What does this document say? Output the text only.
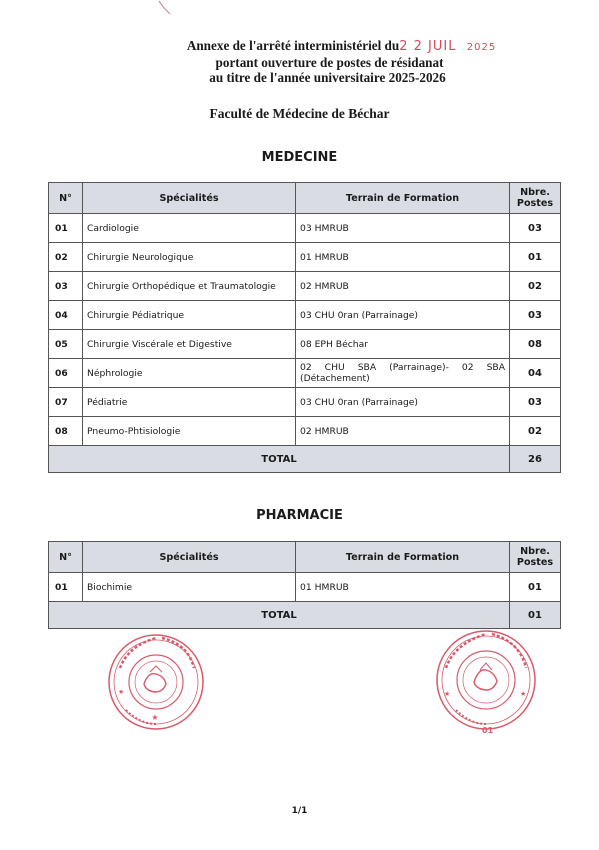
Annexe de l'arrêté interministériel du2 2 JUIL 2025
portant ouverture de postes de résidanat
au titre de l'année universitaire 2025-2026
Faculté de Médecine de Béchar
MEDECINE
N°	Spécialités	Terrain de Formation	Nbre. Postes
01	Cardiologie	03 HMRUB	03
02	Chirurgie Neurologique	01 HMRUB	01
03	Chirurgie Orthopédique et Traumatologie	02 HMRUB	02
04	Chirurgie Pédiatrique	03 CHU 0ran (Parrainage)	03
05	Chirurgie Viscérale et Digestive	08 EPH Béchar	08
06	Néphrologie	02 CHU SBA (Parrainage)- 02 SBA (Détachement)	04
07	Pédiatrie	03 CHU 0ran (Parrainage)	03
08	Pneumo-Phtisiologie	02 HMRUB	02
TOTAL			26
PHARMACIE
N°	Spécialités	Terrain de Formation	Nbre. Postes
01	Biochimie	01 HMRUB	01
TOTAL			01
★
★	★	★
01
1/1
